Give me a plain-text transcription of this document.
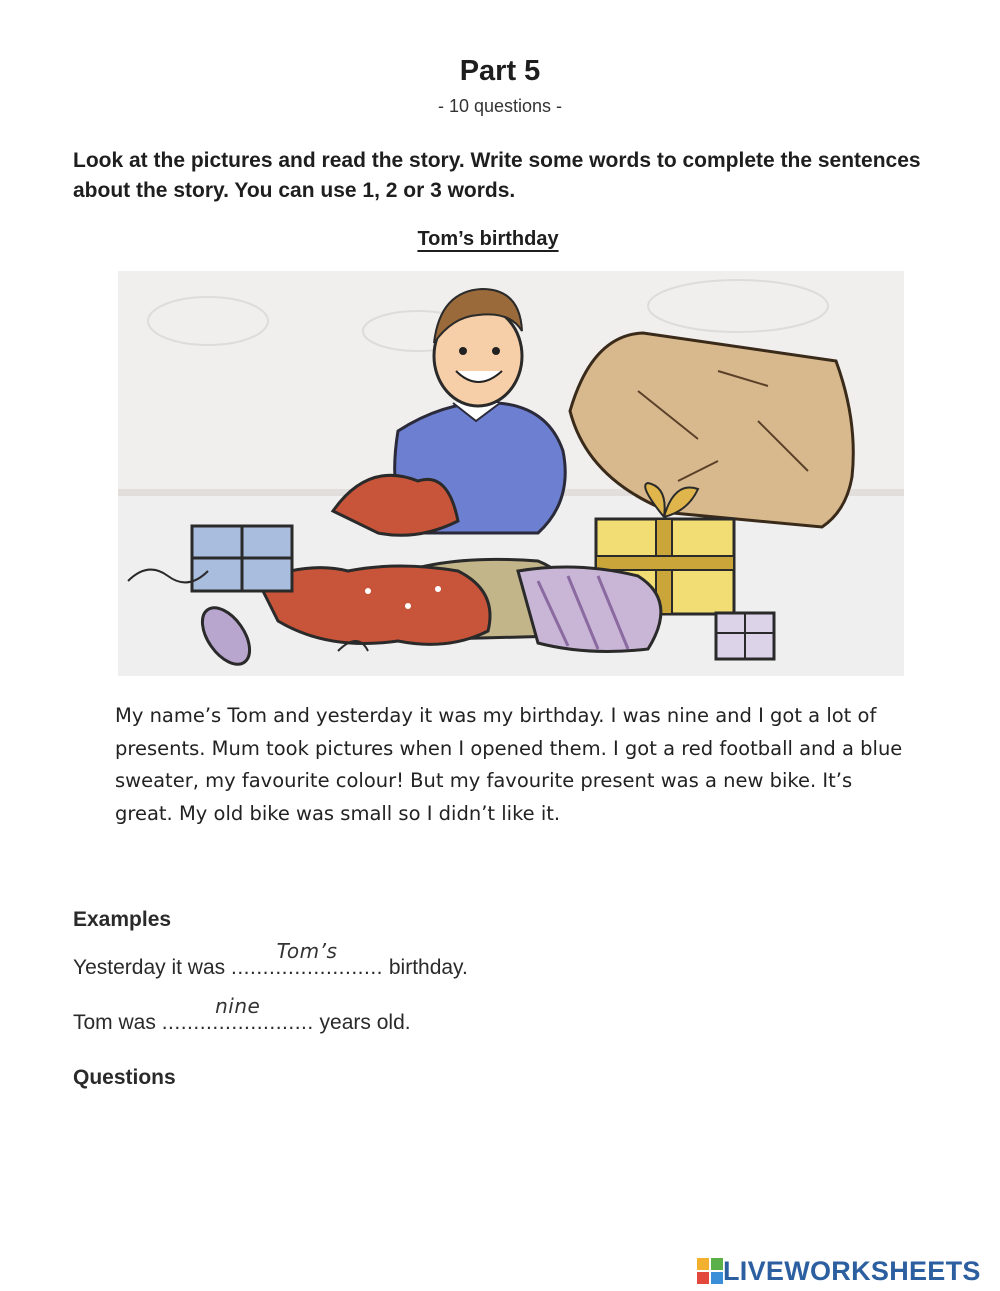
Part 5
- 10 questions -
Look at the pictures and read the story. Write some words to complete the sentences about the story. You can use 1, 2 or 3 words.
Tom’s birthday
My name’s Tom and yesterday it was my birthday. I was nine and I got a lot of presents. Mum took pictures when I opened them. I got a red football and a blue sweater, my favourite colour! But my favourite present was a new bike. It’s great. My old bike was small so I didn’t like it.
Examples
Yesterday it was ........................
Tom’s
birthday.
Tom was ........................
nine
years old.
Questions
LIVEWORKSHEETS
